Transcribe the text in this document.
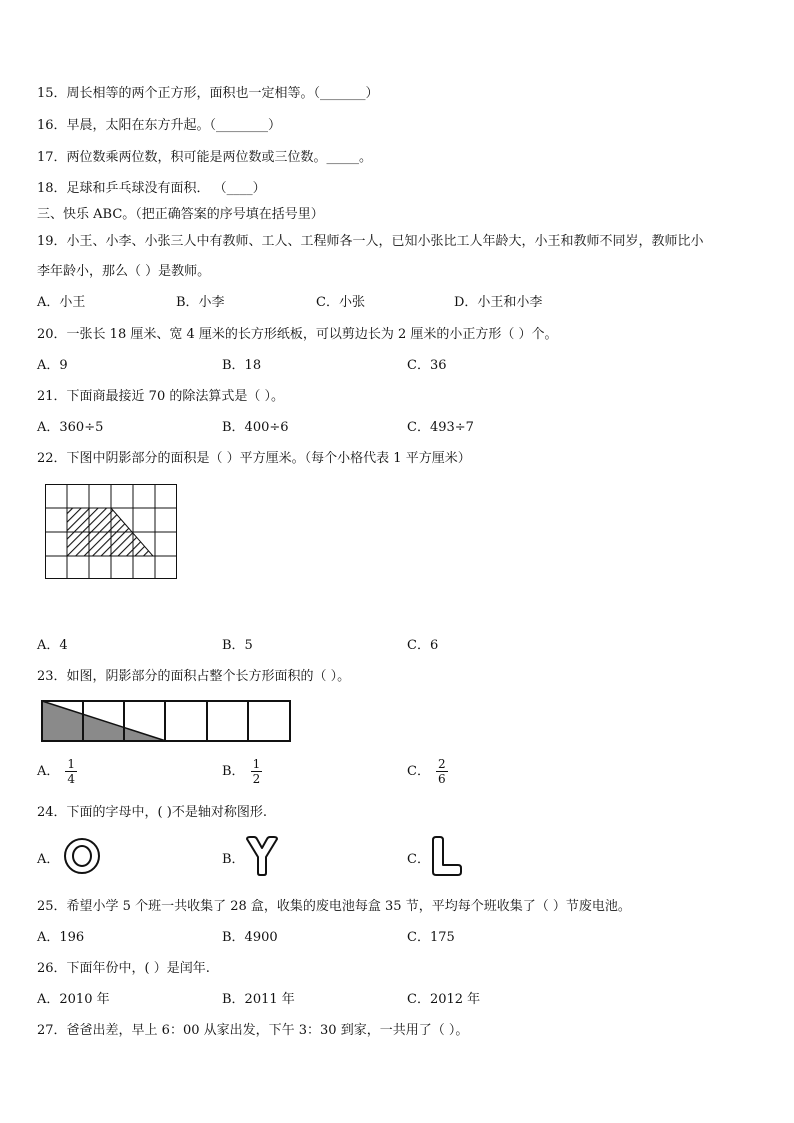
15．周长相等的两个正方形，面积也一定相等。（_______）
16．早晨，太阳在东方升起。（________）
17．两位数乘两位数，积可能是两位数或三位数。_____。
18．足球和乒乓球没有面积． （____）
三、快乐 ABC。（把正确答案的序号填在括号里）
19．小王、小李、小张三人中有教师、工人、工程师各一人，已知小张比工人年龄大，小王和教师不同岁，教师比小
李年龄小，那么（ ）是教师。
A．小王	B．小李	C．小张	D．小王和小李
20．一张长 18 厘米、宽 4 厘米的长方形纸板，可以剪边长为 2 厘米的小正方形（ ）个。
A．9	B．18	C．36
21．下面商最接近 70 的除法算式是（ ）。
A．360÷5	B．400÷6	C．493÷7
22．下图中阴影部分的面积是（ ）平方厘米。（每个小格代表 1 平方厘米）
A．4	B．5	C．6
23．如图，阴影部分的面积占整个长方形面积的（ ）。
A． $\frac{1}{4}$	B． $\frac{1}{2}$	C． $\frac{2}{6}$
24．下面的字母中，( )不是轴对称图形.
A．	B．	C．
25．希望小学 5 个班一共收集了 28 盒，收集的废电池每盒 35 节，平均每个班收集了（ ）节废电池。
A．196	B．4900	C．175
26．下面年份中，( ）是闰年.
A．2010 年	B．2011 年	C．2012 年
27．爸爸出差，早上 6：00 从家出发，下午 3：30 到家，一共用了（ ）。
